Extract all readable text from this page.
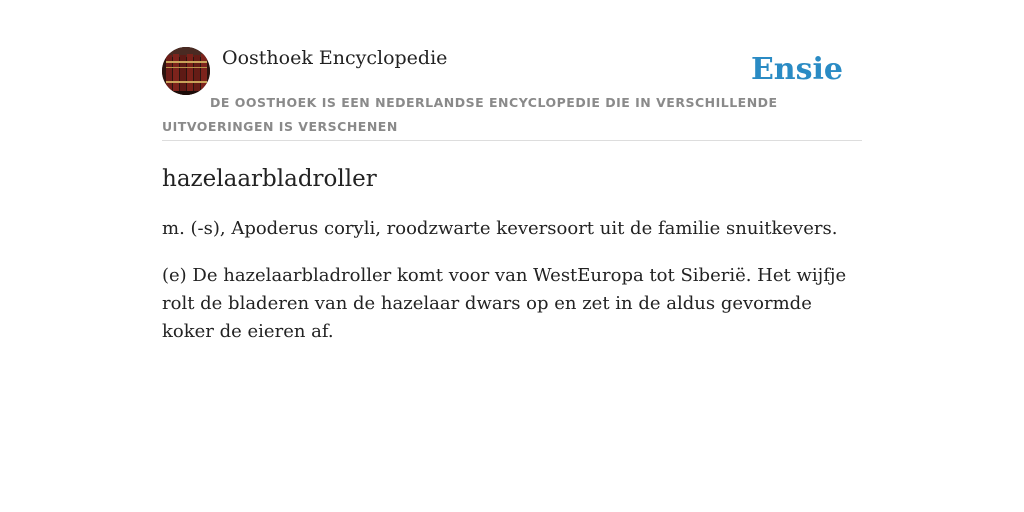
Oosthoek Encyclopedie	Ensie
DE OOSTHOEK IS EEN NEDERLANDSE ENCYCLOPEDIE DIE IN VERSCHILLENDE UITVOERINGEN IS VERSCHENEN
hazelaarbladroller

m. (-s), Apoderus coryli, roodzwarte keversoort uit de familie snuitkevers.

(e) De hazelaarbladroller komt voor van WestEuropa tot Siberië. Het wijfje rolt de bladeren van de hazelaar dwars op en zet in de aldus gevormde koker de eieren af.
